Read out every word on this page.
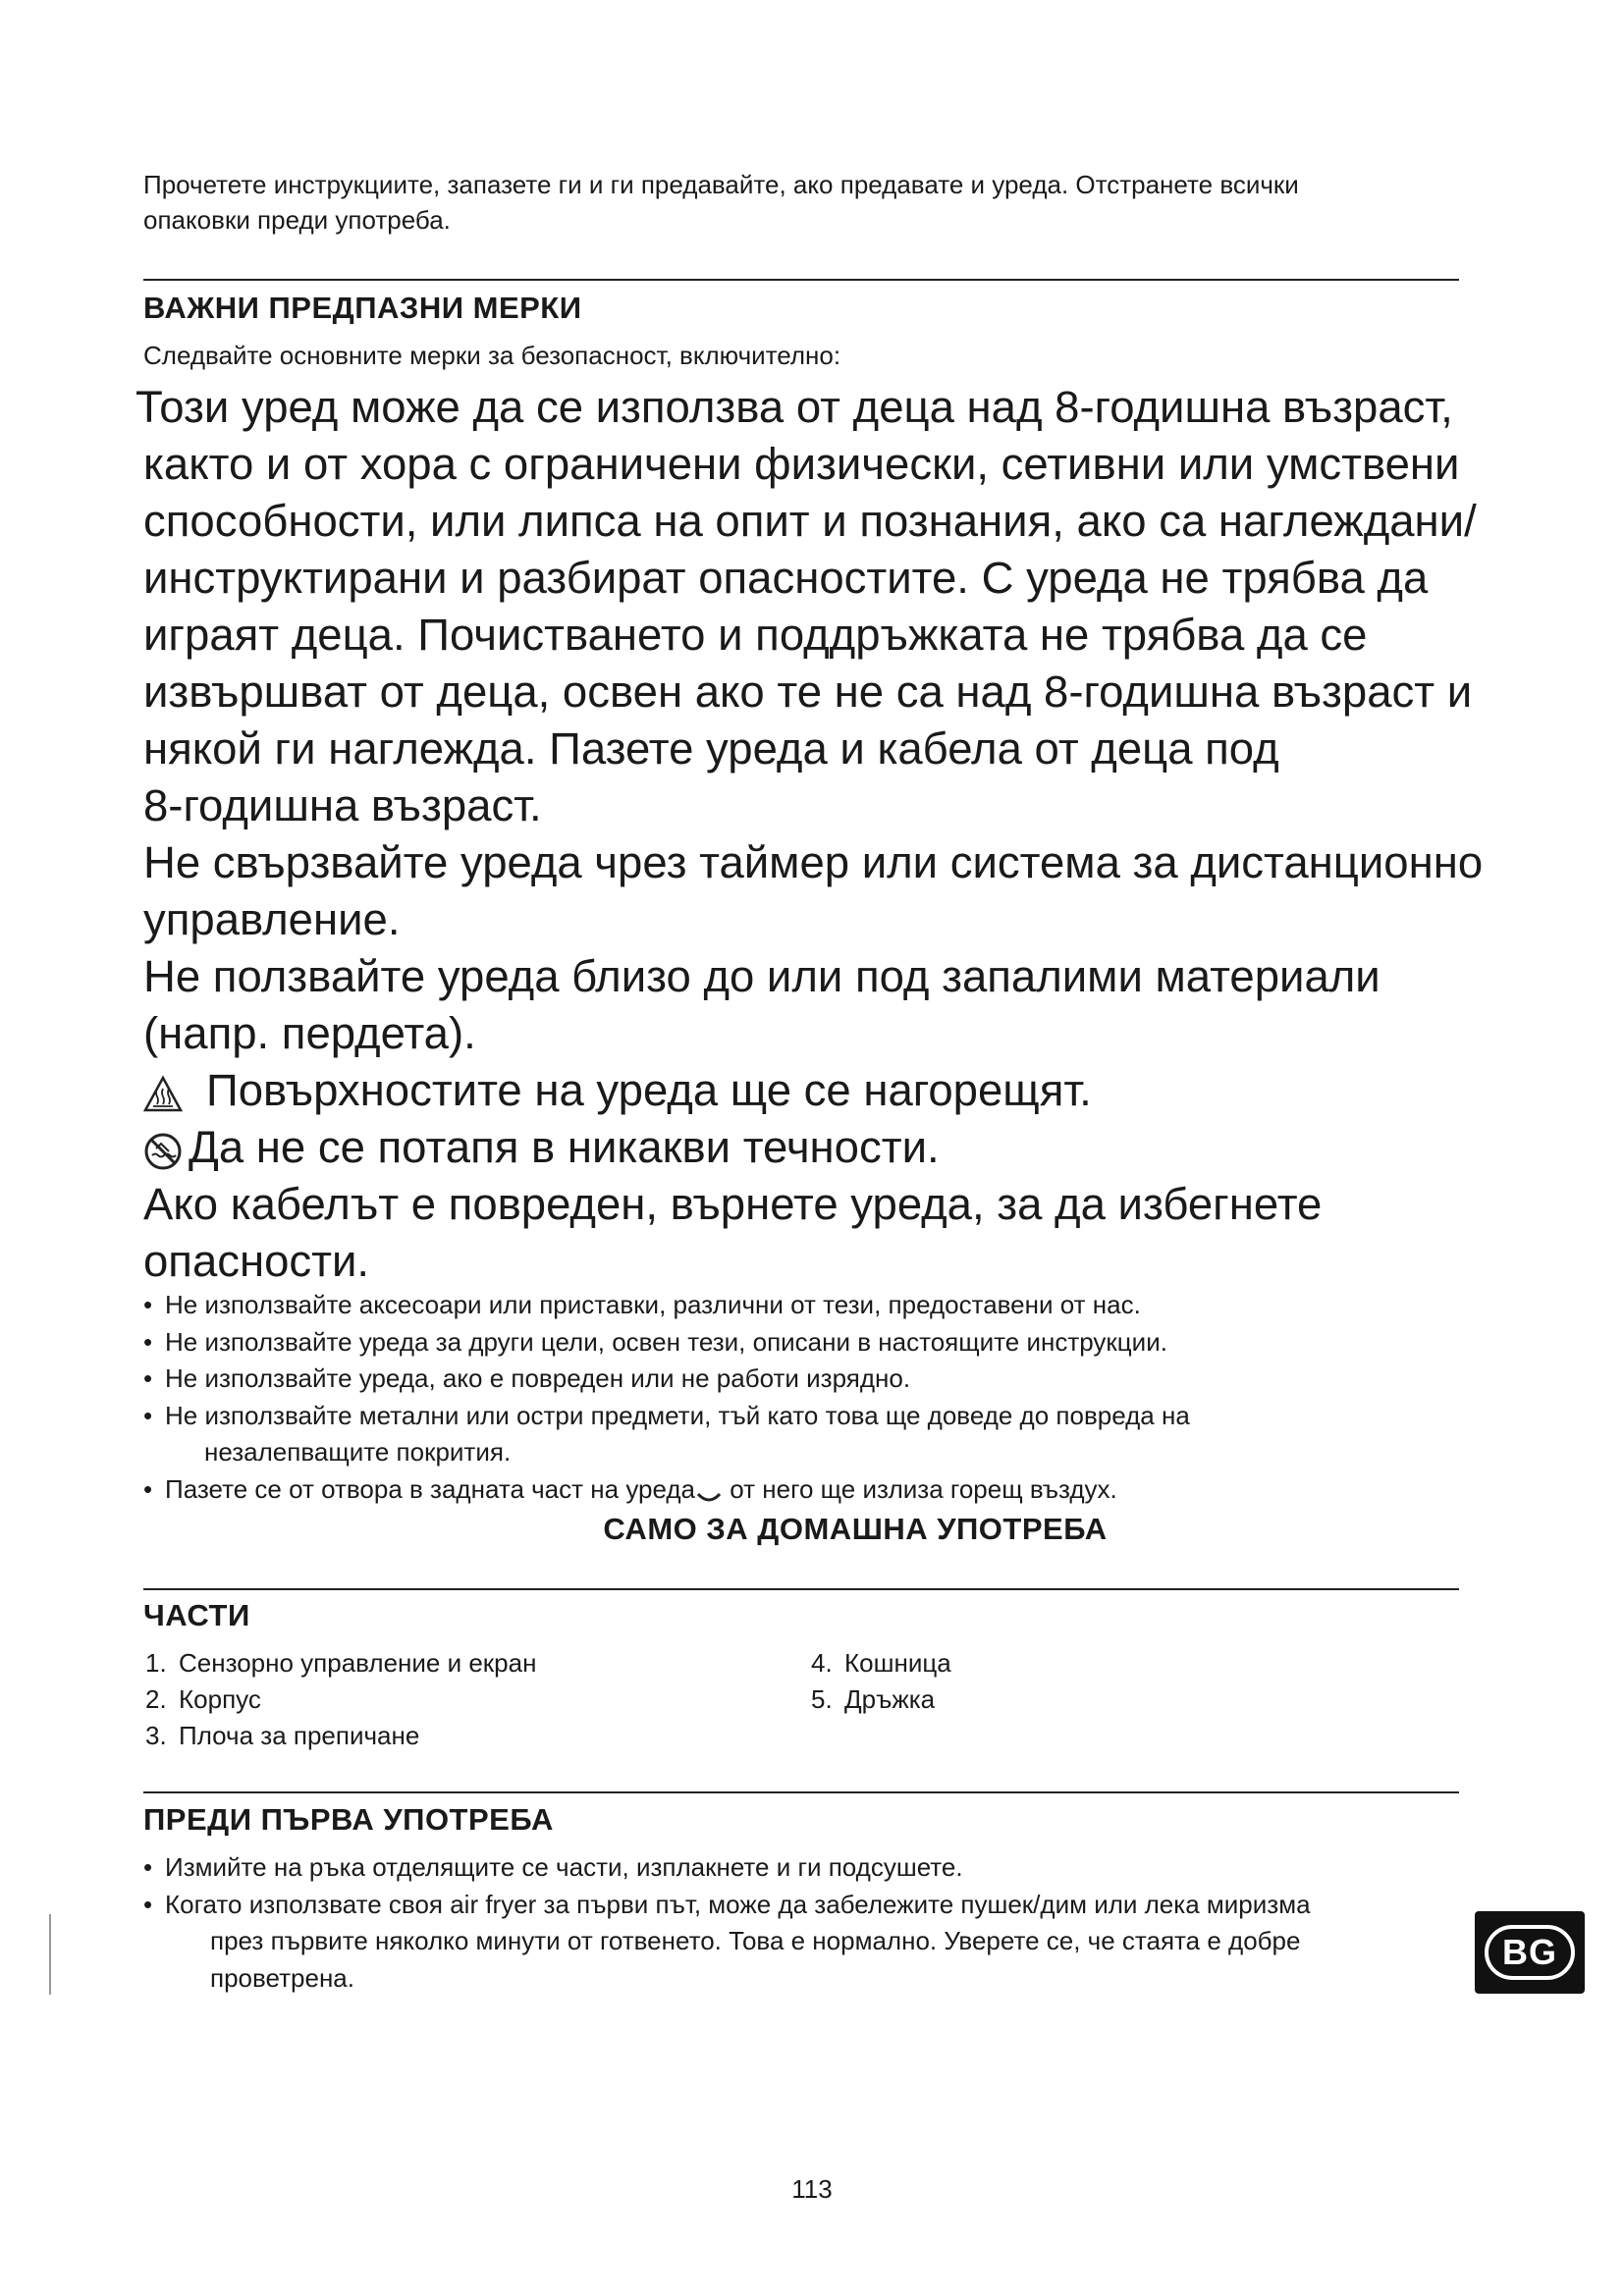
Прочетете инструкциите, запазете ги и ги предавайте, ако предавате и уреда. Отстранете всички
опаковки преди употреба.
ВАЖНИ ПРЕДПАЗНИ МЕРКИ
Следвайте основните мерки за безопасност, включително:

Този уред може да се използва от деца над 8-годишна възраст,

както и от хора с ограничени физически, сетивни или умствени

способности, или липса на опит и познания, ако са наглеждани/

инструктирани и разбират опасностите. С уреда не трябва да

играят деца. Почистването и поддръжката не трябва да се

извършват от деца, освен ако те не са над 8-годишна възраст и

някой ги наглежда. Пазете уреда и кабела от деца под

8-годишна възраст.

Не свързвайте уреда чрез таймер или система за дистанционно

управление.

Не ползвайте уреда близо до или под запалими материали

(напр. пердета).

Повърхностите на уреда ще се нагорещят.

Да не се потапя в никакви течности.

Ако кабелът е повреден, върнете уреда, за да избегнете

опасности.

• Не използвайте аксесоари или приставки, различни от тези, предоставени от нас.
• Не използвайте уреда за други цели, освен тези, описани в настоящите инструкции.
• Не използвайте уреда, ако е повреден или не работи изрядно.
• Не използвайте метални или остри предмети, тъй като това ще доведе до повреда на
незалепващите покрития.
• Пазете се от отвора в задната част на уреда от него ще излиза горещ въздух.
САМО ЗА ДОМАШНА УПОТРЕБА
ЧАСТИ
1. Сензорно управление и екран
2. Корпус
3. Плоча за препичане
4. Кошница
5. Дръжка
ПРЕДИ ПЪРВА УПОТРЕБА
• Измийте на ръка отделящите се части, изплакнете и ги подсушете.
• Когато използвате своя air fryer за първи път, може да забележите пушек/дим или лека миризма
през първите няколко минути от готвенето. Това е нормално. Уверете се, че стаята е добре
проветрена.
BG
113
